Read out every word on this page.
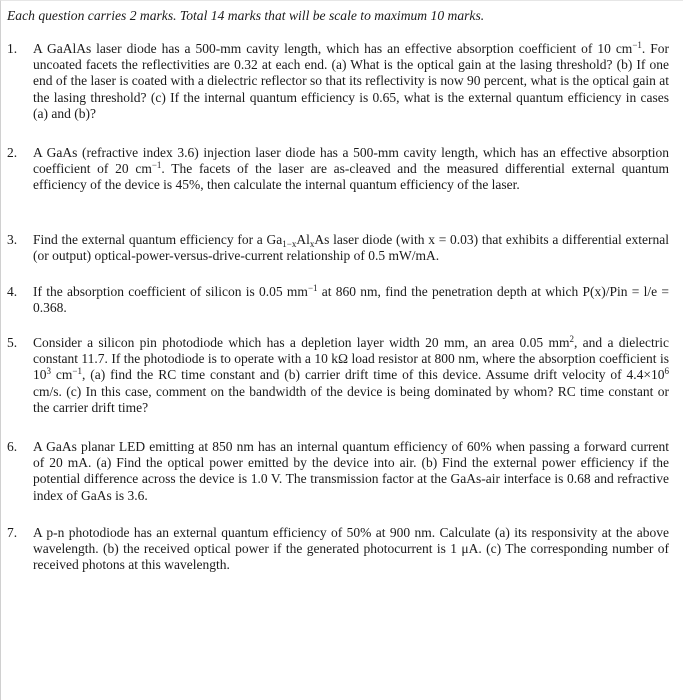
Each question carries 2 marks. Total 14 marks that will be scale to maximum 10 marks.
1.	A GaAlAs laser diode has a 500-mm cavity length, which has an effective absorption coefficient of 10 $cm^{-1}$. For uncoated facets the reflectivities are 0.32 at each end. (a) What is the optical gain at the lasing threshold? (b) If one end of the laser is coated with a dielectric reflector so that its reflectivity is now 90 percent, what is the optical gain at the lasing threshold? (c) If the internal quantum efficiency is 0.65, what is the external quantum efficiency in cases (a) and (b)?
2.	A GaAs (refractive index 3.6) injection laser diode has a 500-mm cavity length, which has an effective absorption coefficient of 20 $cm^{-1}$. The facets of the laser are as-cleaved and the measured differential external quantum efficiency of the device is 45%, then calculate the internal quantum efficiency of the laser.
3.	Find the external quantum efficiency for a $Ga_{1-x}Al_xAs$ laser diode (with x = 0.03) that exhibits a differential external (or output) optical-power-versus-drive-current relationship of 0.5 mW/mA.
4.	If the absorption coefficient of silicon is 0.05 $mm^{-1}$ at 860 nm, find the penetration depth at which P(x)/Pin = l/e = 0.368.
5.	Consider a silicon pin photodiode which has a depletion layer width 20 mm, an area 0.05 $mm^2$, and a dielectric constant 11.7. If the photodiode is to operate with a 10 kΩ load resistor at 800 nm, where the absorption coefficient is $10^3$ $cm^{-1}$, (a) find the RC time constant and (b) carrier drift time of this device. Assume drift velocity of $4.4\times 10^6$ cm/s. (c) In this case, comment on the bandwidth of the device is being dominated by whom? RC time constant or the carrier drift time?
6.	A GaAs planar LED emitting at 850 nm has an internal quantum efficiency of 60% when passing a forward current of 20 mA. (a) Find the optical power emitted by the device into air. (b) Find the external power efficiency if the potential difference across the device is 1.0 V. The transmission factor at the GaAs-air interface is 0.68 and refractive index of GaAs is 3.6.
7.	A p-n photodiode has an external quantum efficiency of 50% at 900 nm. Calculate (a) its responsivity at the above wavelength. (b) the received optical power if the generated photocurrent is 1 μA. (c) The corresponding number of received photons at this wavelength.
